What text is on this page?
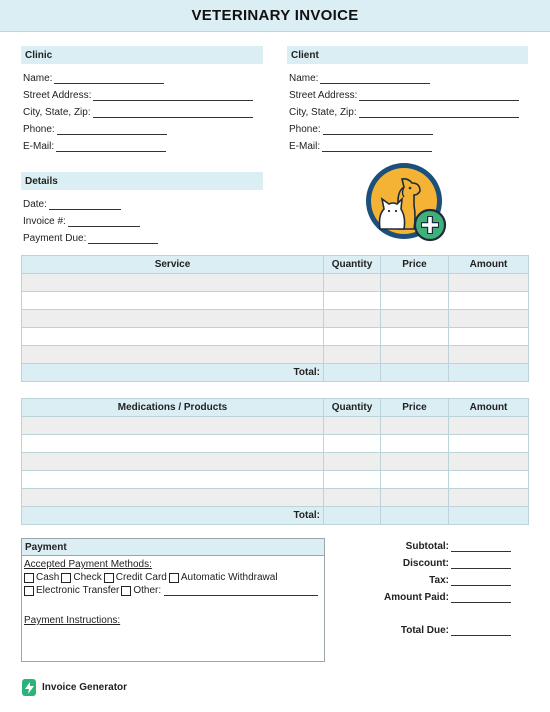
VETERINARY INVOICE
Clinic
Name:
Street Address:
City, State, Zip:
Phone:
E-Mail:
Client
Name:
Street Address:
City, State, Zip:
Phone:
E-Mail:
Details
Date:
Invoice #:
Payment Due:
Service	Quantity	Price	Amount

Total:			
Medications / Products	Quantity	Price	Amount

Total:			
Payment
Accepted Payment Methods:
Cash Check Credit Card Automatic Withdrawal
Electronic Transfer Other:
Payment Instructions:
Subtotal:
Discount:
Tax:
Amount Paid:
Total Due:
Invoice Generator
